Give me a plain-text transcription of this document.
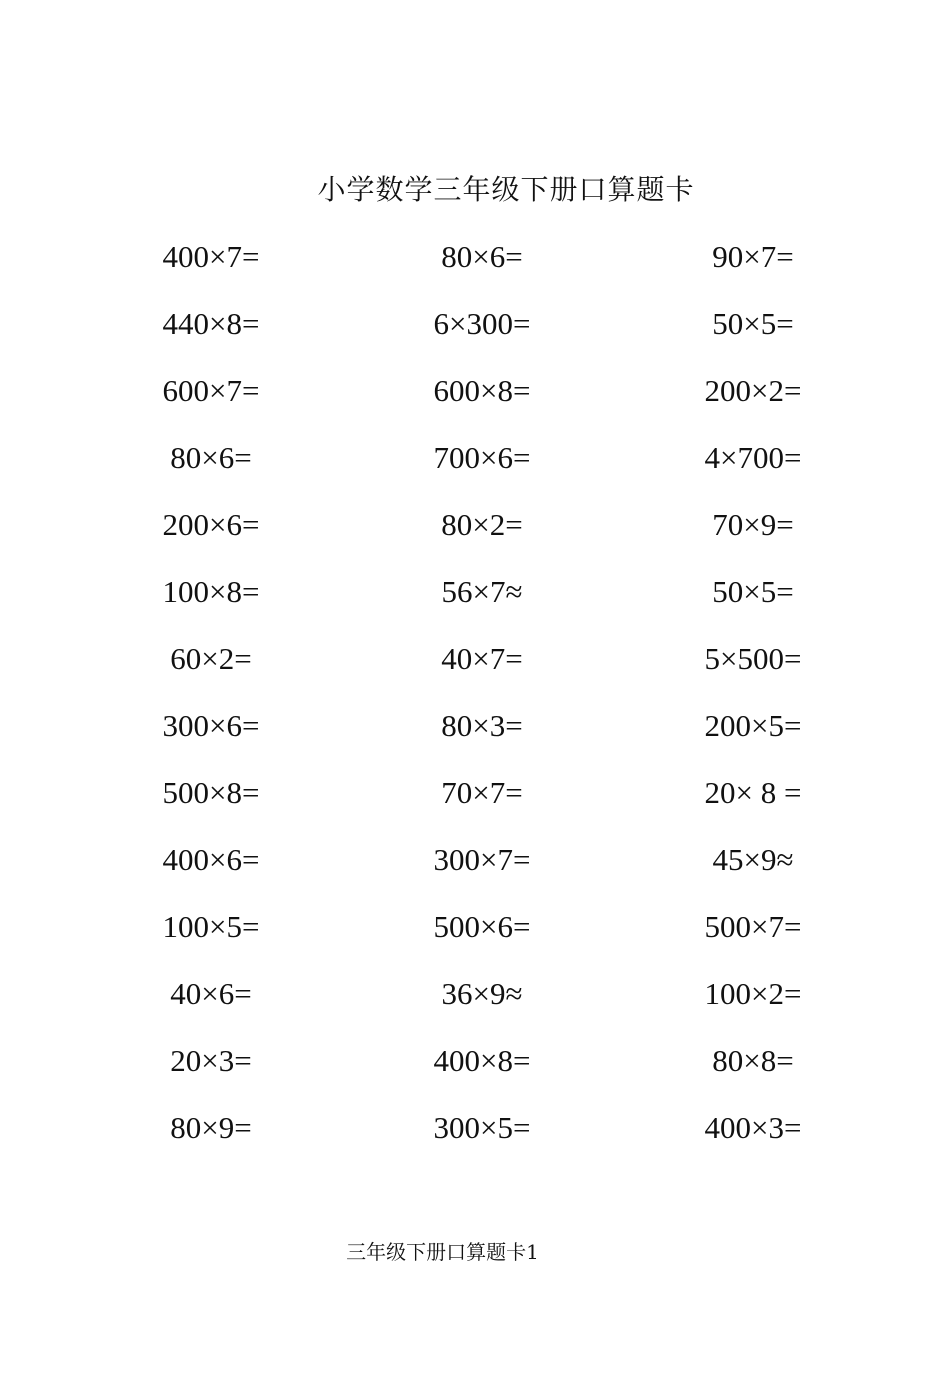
小学数学三年级下册口算题卡
400×7=	80×6=	90×7=
440×8=	6×300=	50×5=
600×7=	600×8=	200×2=
80×6=	700×6=	4×700=
200×6=	80×2=	70×9=
100×8=	56×7≈	50×5=
60×2=	40×7=	5×500=
300×6=	80×3=	200×5=
500×8=	70×7=	20× 8 =
400×6=	300×7=	45×9≈
100×5=	500×6=	500×7=
40×6=	36×9≈	100×2=
20×3=	400×8=	80×8=
80×9=	300×5=	400×3=
三年级下册口算题卡1
